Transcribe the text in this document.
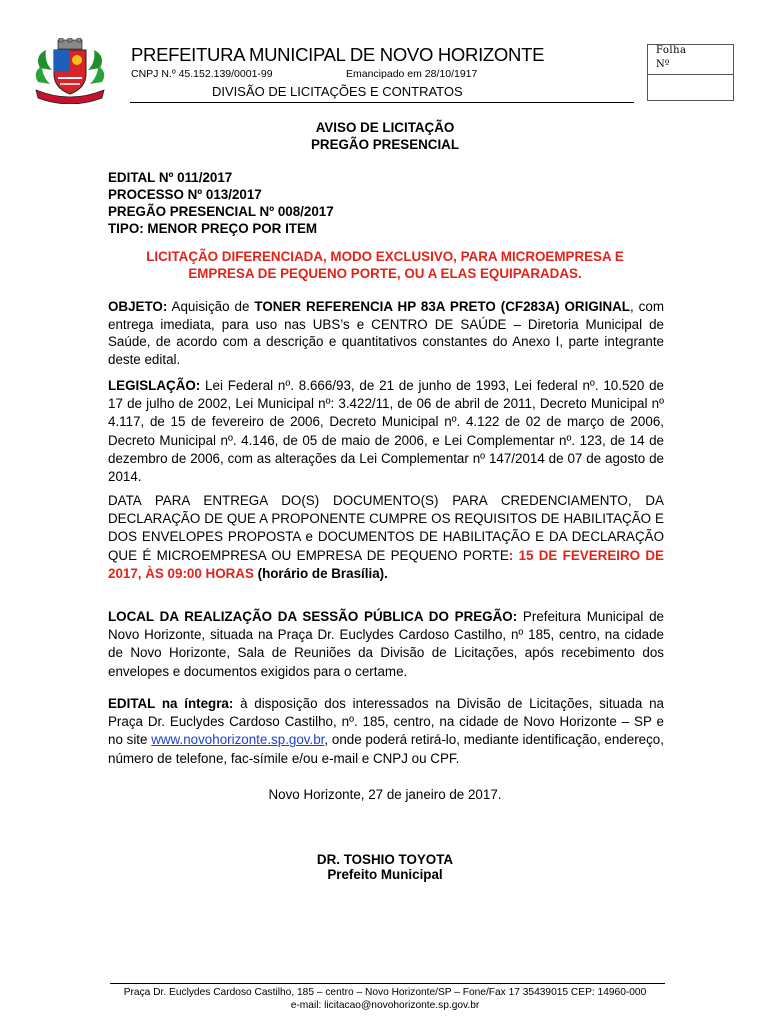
PREFEITURA MUNICIPAL DE NOVO HORIZONTE
CNPJ N.º 45.152.139/0001-99	Emancipado em 28/10/1917
DIVISÃO DE LICITAÇÕES E CONTRATOS
Folha
Nº
AVISO DE LICITAÇÃO
PREGÃO PRESENCIAL
EDITAL Nº 011/2017
PROCESSO Nº 013/2017
PREGÃO PRESENCIAL Nº 008/2017
TIPO: MENOR PREÇO POR ITEM
LICITAÇÃO DIFERENCIADA, MODO EXCLUSIVO, PARA MICROEMPRESA E
EMPRESA DE PEQUENO PORTE, OU A ELAS EQUIPARADAS.
OBJETO: Aquisição de TONER REFERENCIA HP 83A PRETO (CF283A) ORIGINAL, com entrega imediata, para uso nas UBS’s e CENTRO DE SAÚDE – Diretoria Municipal de Saúde, de acordo com a descrição e quantitativos constantes do Anexo I, parte integrante deste edital.
LEGISLAÇÃO: Lei Federal nº. 8.666/93, de 21 de junho de 1993, Lei federal nº. 10.520 de 17 de julho de 2002, Lei Municipal nº: 3.422/11, de 06 de abril de 2011, Decreto Municipal nº 4.117, de 15 de fevereiro de 2006, Decreto Municipal nº. 4.122 de 02 de março de 2006, Decreto Municipal nº. 4.146, de 05 de maio de 2006, e Lei Complementar nº. 123, de 14 de dezembro de 2006, com as alterações da Lei Complementar nº 147/2014 de 07 de agosto de 2014.
DATA PARA ENTREGA DO(S) DOCUMENTO(S) PARA CREDENCIAMENTO, DA DECLARAÇÃO DE QUE A PROPONENTE CUMPRE OS REQUISITOS DE HABILITAÇÃO E DOS ENVELOPES PROPOSTA e DOCUMENTOS DE HABILITAÇÃO E DA DECLARAÇÃO QUE É MICROEMPRESA OU EMPRESA DE PEQUENO PORTE: 15 DE FEVEREIRO DE 2017, ÀS 09:00 HORAS (horário de Brasília).
LOCAL DA REALIZAÇÃO DA SESSÃO PÚBLICA DO PREGÃO: Prefeitura Municipal de Novo Horizonte, situada na Praça Dr. Euclydes Cardoso Castilho, nº 185, centro, na cidade de Novo Horizonte, Sala de Reuniões da Divisão de Licitações, após recebimento dos envelopes e documentos exigidos para o certame.
EDITAL na íntegra: à disposição dos interessados na Divisão de Licitações, situada na Praça Dr. Euclydes Cardoso Castilho, nº. 185, centro, na cidade de Novo Horizonte – SP e no site www.novohorizonte.sp.gov.br, onde poderá retirá-lo, mediante identificação, endereço, número de telefone, fac-símile e/ou e-mail e CNPJ ou CPF.
Novo Horizonte, 27 de janeiro de 2017.
DR. TOSHIO TOYOTA
Prefeito Municipal
Praça Dr. Euclydes Cardoso Castilho, 185 – centro – Novo Horizonte/SP – Fone/Fax 17 35439015 CEP: 14960-000
e-mail: licitacao@novohorizonte.sp.gov.br
